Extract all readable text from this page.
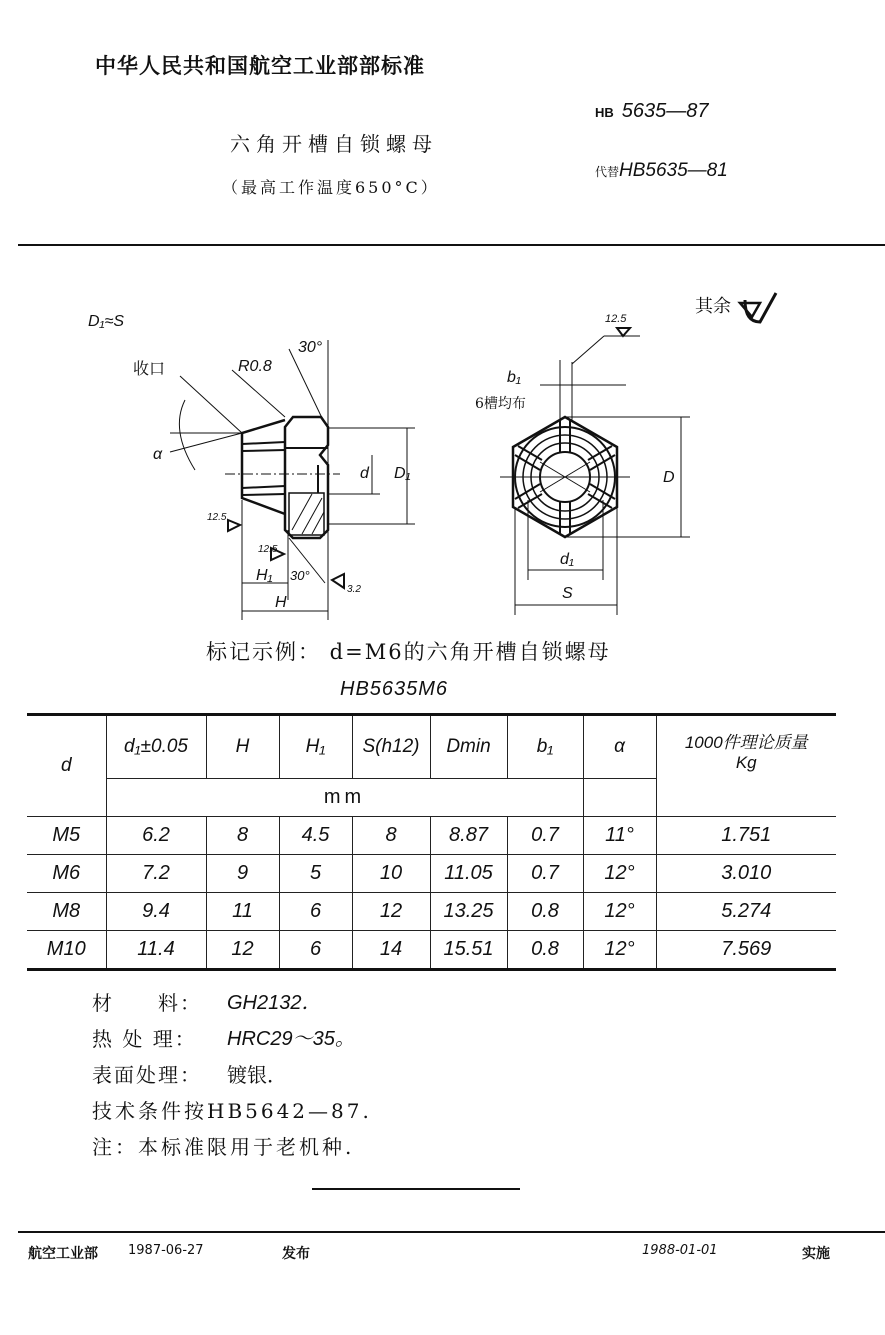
中华人民共和国航空工业部部标准
六角开槽自锁螺母
（最高工作温度650°C）
HB 5635—87
代替HB5635—81
D₁≈S
收口	R0.8
30°
α
d D₁
H₁ 30°
H
12.5
12.5
3.2
12.5
b₁
6槽均布
D
d₁
S
其余
标记示例： d=M6的六角开槽自锁螺母
HB5635M6
d	d₁±0.05	H	H₁	S(h12)	Dmin	b₁	α	1000件理论质量
Kg

	mm							
M5	6.2	8	4.5	8	8.87	0.7	11°	1.751
M6	7.2	9	5	10	11.05	0.7	12°	3.010
M8	9.4	11	6	12	13.25	0.8	12°	5.274
M10	11.4	12	6	14	15.51	0.8	12°	7.569
材　　料：	GH2132．
热 处 理：	HRC29～35。
表面处理：	镀银．
技术条件按HB5642—87.
注：本标准限用于老机种.
航空工业部 1987-06-27	发布	1988-01-01	实施
